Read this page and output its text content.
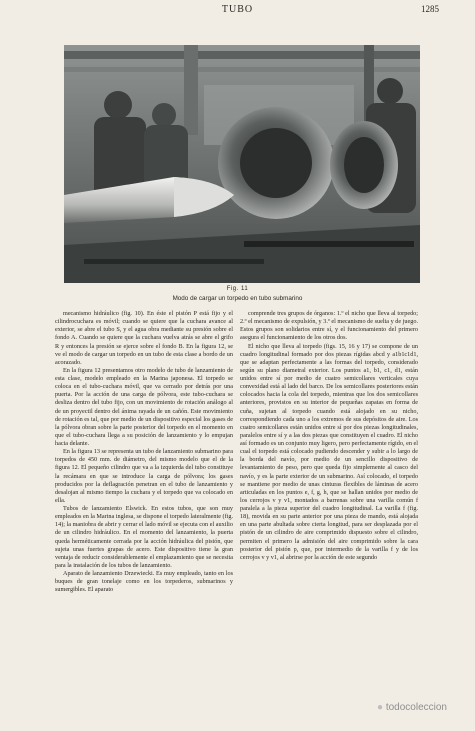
TUBO	1285
Fig. 11
Modo de cargar un torpedo en tubo submarino

mecanismo hidráulico (fig. 10). En éste el pistón P está fijo y el cilindrocuchara es móvil; cuando se quiere que la cuchara avance al exterior, se abre el tubo S, y el agua obra mediante su presión sobre el fondo A. Cuando se quiere que la cuchara vuelva atrás se abre el grifo R y entonces la presión se ejerce sobre el fondo B. En la figura 12, se ve el modo de cargar un torpedo en un tubo de esta clase a bordo de un acorazado.

En la figura 12 presentamos otro modelo de tubo de lanzamiento de esta clase, modelo empleado en la Marina japonesa. El torpedo se coloca en el tubo-cuchara móvil, que va cerrado por detrás por una puerta. Por la acción de una carga de pólvora, este tubo-cuchara se desliza dentro del tubo fijo, con un movimiento de rotación análogo al de un proyectil dentro del ánima rayada de un cañón. Este movimiento de rotación es tal, que por medio de un dispositivo especial los gases de la pólvora obran sobre la parte posterior del torpedo en el momento en que el tubo-cuchara llega a su posición de lanzamiento y lo empujan hacia delante.

En la figura 13 se representa un tubo de lanzamiento submarino para torpedos de 450 mm. de diámetro, del mismo modelo que el de la figura 12. El pequeño cilindro que va a la izquierda del tubo constituye la recámara en que se introduce la carga de pólvora; los gases producidos por la deflagración penetran en el tubo de lanzamiento y desalojan al mismo tiempo la cuchara y el torpedo que va colocado en ella.

Tubos de lanzamiento Elswick. En estos tubos, que son muy empleados en la Marina inglesa, se dispone el torpedo lateralmente (fig. 14); la maniobra de abrir y cerrar el lado móvil se ejecuta con el auxilio de un cilindro hidráulico. En el momento del lanzamiento, la puerta queda herméticamente cerrada por la acción hidráulica del pistón, que sujeta unas fuertes grapas de acero. Este dispositivo tiene la gran ventaja de reducir considerablemente el emplazamiento que se necesita para la instalación de los tubos de lanzamiento.

Aparato de lanzamiento Drzewiecki. Es muy empleado, tanto en los buques de gran tonelaje como en los torpederos, submarinos y sumergibles. El aparato

comprende tres grupos de órganos: 1.º el nicho que lleva al torpedo; 2.º el mecanismo de expulsión, y 3.º el mecanismo de suelta y de juego. Estos grupos son solidarios entre sí, y el funcionamiento del primero asegura el funcionamiento de los otros dos.

El nicho que lleva al torpedo (figs. 15, 16 y 17) se compone de un cuadro longitudinal formado por dos piezas rígidas abcd y a1b1c1d1, que se adaptan perfectamente a las formas del torpedo, considerado según su plano diametral exterior. Los puntos a1, b1, c1, d1, están unidos entre sí por medio de cuatro semicollares verticales cuya convexidad está al lado del barco. De los semicollares posteriores están colocados hacia la cola del torpedo, mientras que los dos semicollares anteriores, provistos en su interior de pequeñas zapatas en forma de cuña, sujetan al torpedo cuando está alojado en su nicho, correspondiendo cada uno a los extremos de sus depósitos de aire. Los cuatro semicollares están unidos entre sí por dos piezas longitudinales, paralelos entre sí y a las dos piezas que constituyen el cuadro. El nicho así formado es un conjunto muy ligero, pero perfectamente rígido, en el cual el torpedo está colocado pudiendo descender y subir a lo largo de la borda del navío, por medio de un sencillo dispositivo de levantamiento de peso, pero que queda fijo simplemente al casco del navío, y es la parte exterior de un submarino. Así colocado, el torpedo se mantiene por medio de unas cinturas flexibles de láminas de acero articuladas en los puntos e, f, g, h, que se hallan unidos por medio de los cerrojos v y v1, montados a barrenas sobre una varilla común f paralela a la pieza superior del cuadro longitudinal. La varilla f (fig. 18), movida en su parte anterior por una pieza de mando, está alojada en una parte abultada sobre cierta longitud, para ser desplazada por el pistón de un cilindro de aire comprimido dispuesto sobre el cilindro, permiten el primero la admisión del aire comprimido sobre la cara posterior del pistón p, que, por intermedio de la varilla f y de los cerrojos v y v1, al abrirse por la acción de este segundo

● todocoleccion
